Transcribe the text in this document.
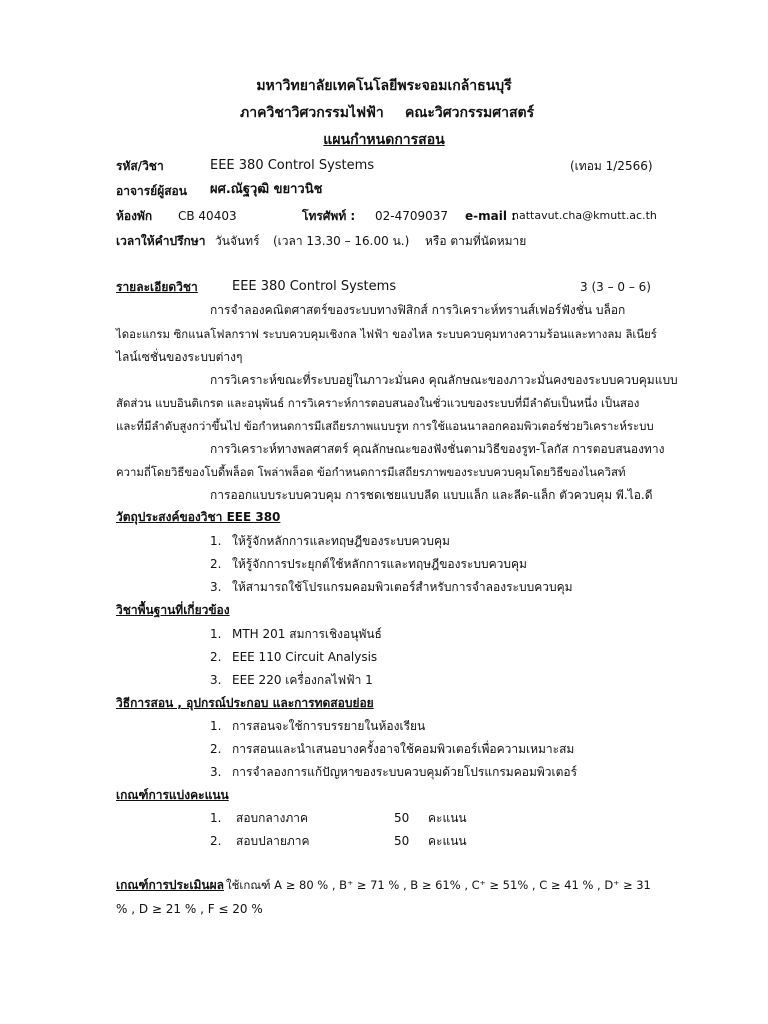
มหาวิทยาลัยเทคโนโลยีพระจอมเกล้าธนบุรี
ภาควิชาวิศวกรรมไฟฟ้า คณะวิศวกรรมศาสตร์
แผนกำหนดการสอน
รหัส/วิชา	EEE 380 Control Systems	(เทอม 1/2566)
อาจารย์ผู้สอน ผศ.ณัฐวุฒิ ขยาวนิช
ห้องพัก CB 40403	โทรศัพท์ : 02-4709037 e-mail :
nattavut.cha@kmutt.ac.th
เวลาให้คำปรึกษา วันจันทร์ (เวลา 13.30 – 16.00 น.) หรือ ตามที่นัดหมาย
รายละเอียดวิชา	EEE 380 Control Systems	3 (3 – 0 – 6)
การจำลองคณิตศาสตร์ของระบบทางฟิสิกส์ การวิเคราะห์ทรานส์เฟอร์ฟังชั่น บล็อก
ไดอะแกรม ซิกแนลโฟลกราฟ ระบบควบคุมเชิงกล ไฟฟ้า ของไหล ระบบควบคุมทางความร้อนและทางลม ลิเนียร์
ไลน์เซชั่นของระบบต่างๆ
การวิเคราะห์ขณะที่ระบบอยู่ในภาวะมั่นคง คุณลักษณะของภาวะมั่นคงของระบบควบคุมแบบ
สัดส่วน แบบอินติเกรต และอนุพันธ์ การวิเคราะห์การตอบสนองในชั่วแวบของระบบที่มีลำดับเป็นหนึ่ง เป็นสอง
และที่มีลำดับสูงกว่าขึ้นไป ข้อกำหนดการมีเสถียรภาพแบบรูท การใช้แอนนาลอกคอมพิวเตอร์ช่วยวิเคราะห์ระบบ
การวิเคราะห์ทางพลศาสตร์ คุณลักษณะของฟังชั่นตามวิธีของรูท-โลกัส การตอบสนองทาง
ความถี่โดยวิธีของโบดี้พล็อต โพล่าพล็อต ข้อกำหนดการมีเสถียรภาพของระบบควบคุมโดยวิธีของไนควิสท์
การออกแบบระบบควบคุม การชดเชยแบบลีด แบบแล็ก และลีด-แล็ก ตัวควบคุม พี.ไอ.ดี
วัตถุประสงค์ของวิชา EEE 380
1. ให้รู้จักหลักการและทฤษฎีของระบบควบคุม
2. ให้รู้จักการประยุกต์ใช้หลักการและทฤษฎีของระบบควบคุม
3. ให้สามารถใช้โปรแกรมคอมพิวเตอร์สำหรับการจำลองระบบควบคุม
วิชาพื้นฐานที่เกี่ยวข้อง
1. MTH 201 สมการเชิงอนุพันธ์
2. EEE 110 Circuit Analysis
3. EEE 220 เครื่องกลไฟฟ้า 1
วิธีการสอน , อุปกรณ์ประกอบ และการทดสอบย่อย
1. การสอนจะใช้การบรรยายในห้องเรียน
2. การสอนและนำเสนอบางครั้งอาจใช้คอมพิวเตอร์เพื่อความเหมาะสม
3. การจำลองการแก้ปัญหาของระบบควบคุมด้วยโปรแกรมคอมพิวเตอร์
เกณฑ์การแบ่งคะแนน
1. สอบกลางภาค	50 คะแนน
2. สอบปลายภาค	50 คะแนน
เกณฑ์การประเมินผล ใช้เกณฑ์ A ≥ 80 % , B⁺ ≥ 71 % , B ≥ 61% , C⁺ ≥ 51% , C ≥ 41 % , D⁺ ≥ 31
% , D ≥ 21 % , F ≤ 20 %
